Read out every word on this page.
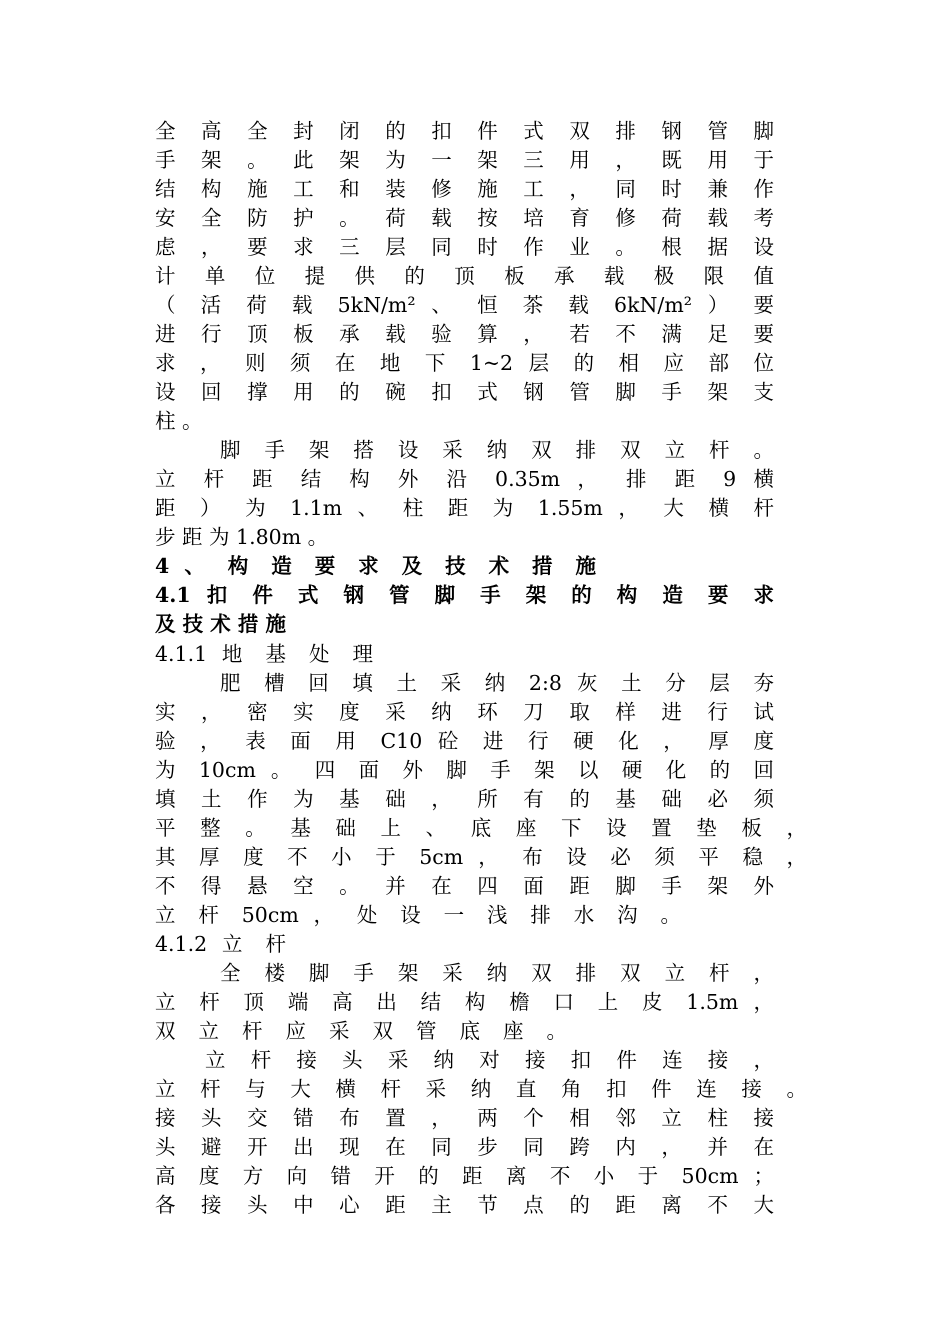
全 高 全 封 闭 的 扣 件 式 双 排 钢 管 脚
手 架 。 此 架 为 一 架 三 用 ， 既 用 于
结 构 施 工 和 装 修 施 工 ， 同 时 兼 作
安 全 防 护 。 荷 载 按 培 育 修 荷 载 考
虑 ， 要 求 三 层 同 时 作 业 。 根 据 设
计 单 位 提 供 的 顶 板 承 载 极 限 值
（ 活 荷 载 5kN/m² 、 恒 茶 载 6kN/m² ） 要
进 行 顶 板 承 载 验 算 ， 若 不 满 足 要
求 ， 则 须 在 地 下 1~2 层 的 相 应 部 位
设 回 撑 用 的 碗 扣 式 钢 管 脚 手 架 支
柱 。
脚 手 架 搭 设 采 纳 双 排 双 立 杆 。
立 杆 距 结 构 外 沿 0.35m ， 排 距 9 横
距 ） 为 1.1m 、 柱 距 为 1.55m ， 大 横 杆
步 距 为 1.80m 。
4 、 构 造 要 求 及 技 术 措 施
4.1 扣 件 式 钢 管 脚 手 架 的 构 造 要 求
及 技 术 措 施
4.1.1 地 基 处 理
肥 槽 回 填 土 采 纳 2:8 灰 土 分 层 夯
实 ， 密 实 度 采 纳 环 刀 取 样 进 行 试
验 ， 表 面 用 C10 砼 进 行 硬 化 ， 厚 度
为 10cm 。 四 面 外 脚 手 架 以 硬 化 的 回
填 土 作 为 基 础 ， 所 有 的 基 础 必 须
平 整 。 基 础 上 、 底 座 下 设 置 垫 板 ，
其 厚 度 不 小 于 5cm ， 布 设 必 须 平 稳 ，
不 得 悬 空 。 并 在 四 面 距 脚 手 架 外
立 杆 50cm ， 处 设 一 浅 排 水 沟 。
4.1.2 立 杆
全 楼 脚 手 架 采 纳 双 排 双 立 杆 ，
立 杆 顶 端 高 出 结 构 檐 口 上 皮 1.5m ，
双 立 杆 应 采 双 管 底 座 。
立 杆 接 头 采 纳 对 接 扣 件 连 接 ，
立 杆 与 大 横 杆 采 纳 直 角 扣 件 连 接 。
接 头 交 错 布 置 ， 两 个 相 邻 立 柱 接
头 避 开 出 现 在 同 步 同 跨 内 ， 并 在
高 度 方 向 错 开 的 距 离 不 小 于 50cm ；
各 接 头 中 心 距 主 节 点 的 距 离 不 大
